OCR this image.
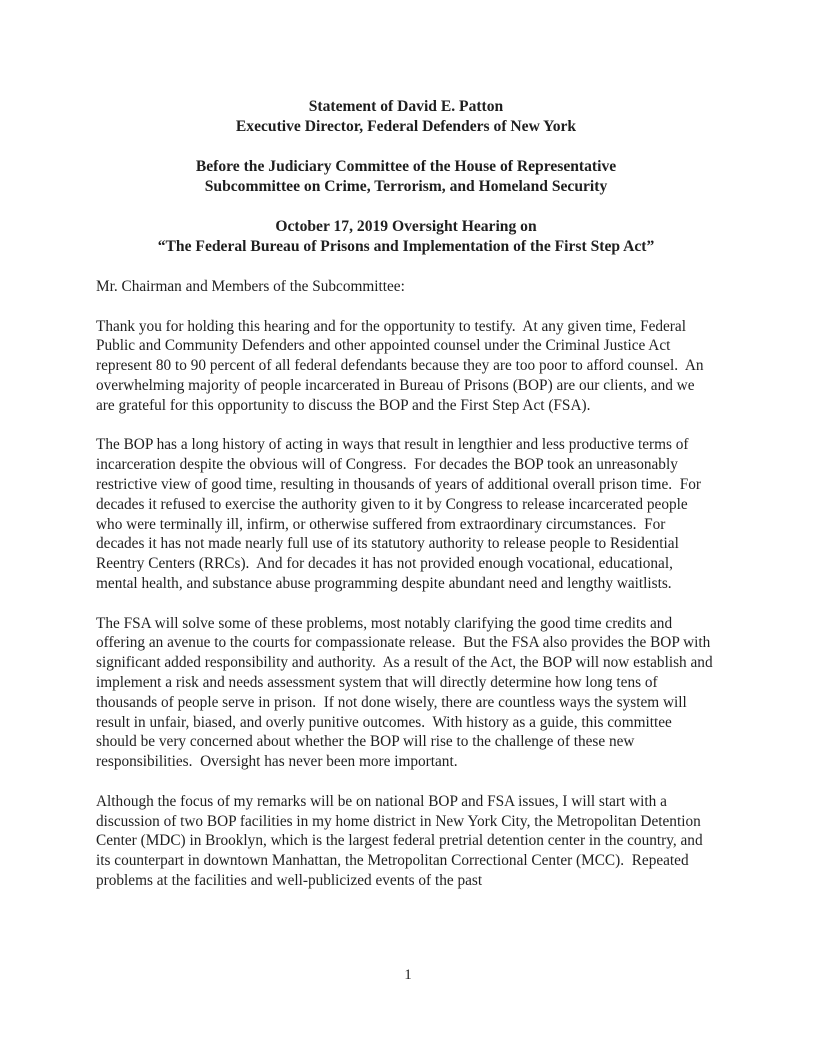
Statement of David E. Patton
Executive Director, Federal Defenders of New York
Before the Judiciary Committee of the House of Representative
Subcommittee on Crime, Terrorism, and Homeland Security
October 17, 2019 Oversight Hearing on
“The Federal Bureau of Prisons and Implementation of the First Step Act”

Mr. Chairman and Members of the Subcommittee:

Thank you for holding this hearing and for the opportunity to testify.  At any given time, Federal Public and Community Defenders and other appointed counsel under the Criminal Justice Act represent 80 to 90 percent of all federal defendants because they are too poor to afford counsel.  An overwhelming majority of people incarcerated in Bureau of Prisons (BOP) are our clients, and we are grateful for this opportunity to discuss the BOP and the First Step Act (FSA).

The BOP has a long history of acting in ways that result in lengthier and less productive terms of incarceration despite the obvious will of Congress.  For decades the BOP took an unreasonably restrictive view of good time, resulting in thousands of years of additional overall prison time.  For decades it refused to exercise the authority given to it by Congress to release incarcerated people who were terminally ill, infirm, or otherwise suffered from extraordinary circumstances.  For decades it has not made nearly full use of its statutory authority to release people to Residential Reentry Centers (RRCs).  And for decades it has not provided enough vocational, educational, mental health, and substance abuse programming despite abundant need and lengthy waitlists.

The FSA will solve some of these problems, most notably clarifying the good time credits and offering an avenue to the courts for compassionate release.  But the FSA also provides the BOP with significant added responsibility and authority.  As a result of the Act, the BOP will now establish and implement a risk and needs assessment system that will directly determine how long tens of thousands of people serve in prison.  If not done wisely, there are countless ways the system will result in unfair, biased, and overly punitive outcomes.  With history as a guide, this committee should be very concerned about whether the BOP will rise to the challenge of these new responsibilities.  Oversight has never been more important.

Although the focus of my remarks will be on national BOP and FSA issues, I will start with a discussion of two BOP facilities in my home district in New York City, the Metropolitan Detention Center (MDC) in Brooklyn, which is the largest federal pretrial detention center in the country, and its counterpart in downtown Manhattan, the Metropolitan Correctional Center (MCC).  Repeated problems at the facilities and well-publicized events of the past

1
